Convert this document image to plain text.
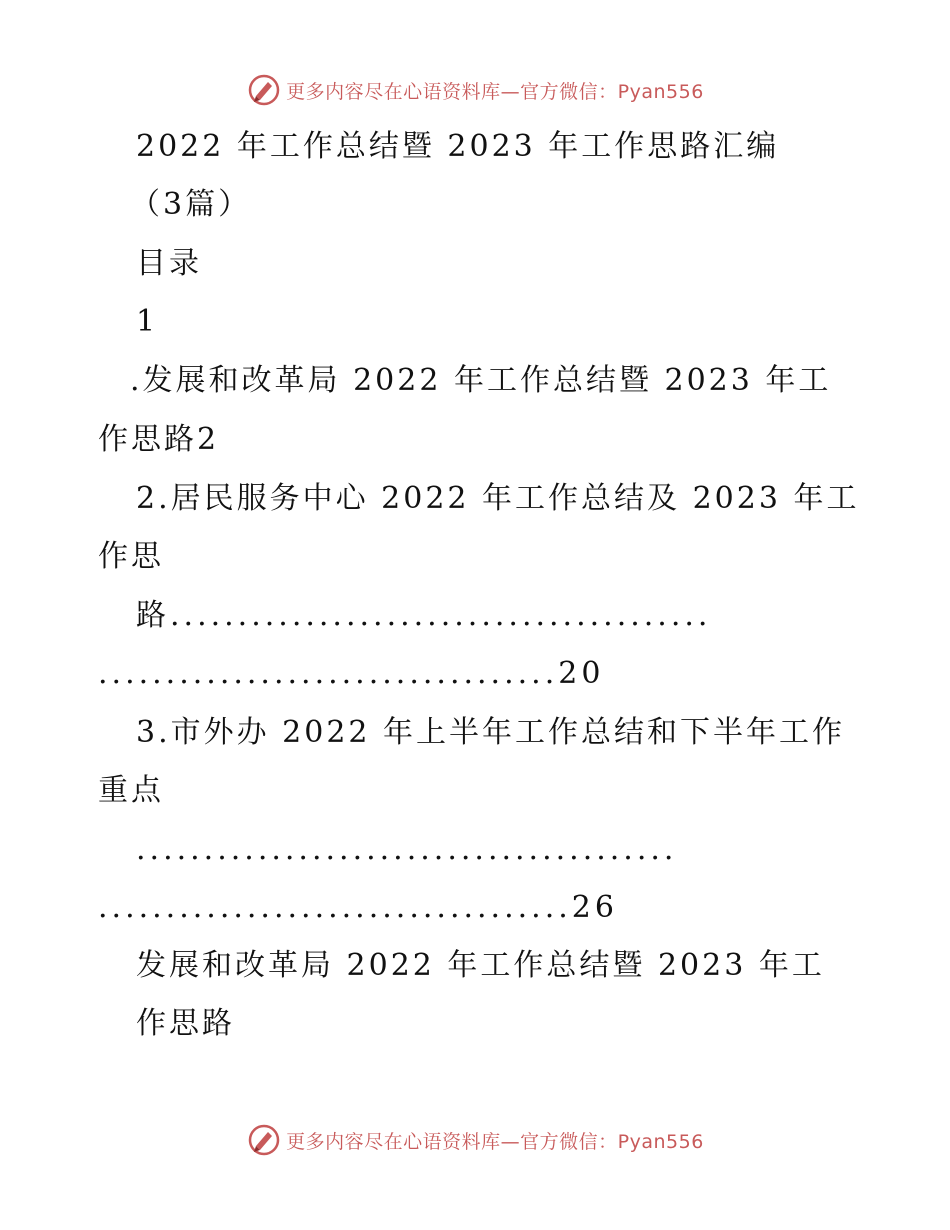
更多内容尽在心语资料库—官方微信：Pyan556
2022 年工作总结暨 2023 年工作思路汇编
（3篇）
目录
1
.发展和改革局 2022 年工作总结暨 2023 年工
作思路2
2.居民服务中心 2022 年工作总结及 2023 年工
作思
路........................................
..................................20
3.市外办 2022 年上半年工作总结和下半年工作
重点
........................................
...................................26
发展和改革局 2022 年工作总结暨 2023 年工
作思路
更多内容尽在心语资料库—官方微信：Pyan556
